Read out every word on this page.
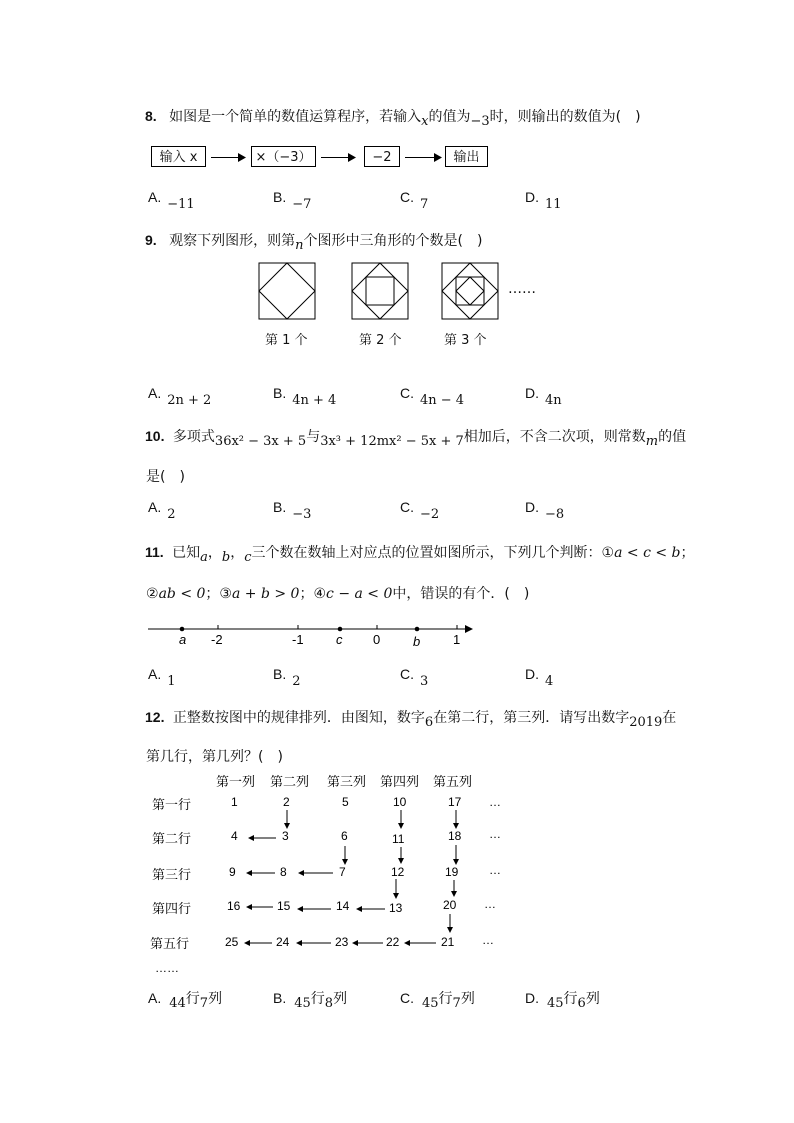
8. 如图是一个简单的数值运算程序，若输入x的值为−3时，则输出的数值为(　)
输入 x	×（−3）	−2	输出
A. −11	B. −7	C. 7	D. 11
9. 观察下列图形，则第n个图形中三角形的个数是(　)
……
第 1 个	第 2 个	第 3 个
A. 2n + 2	B. 4n + 4	C. 4n − 4	D. 4n
10. 多项式36x² − 3x + 5与3x³ + 12mx² − 5x + 7相加后，不含二次项，则常数m的值
是(　)
A. 2	B. −3	C. −2	D. −8
11. 已知a，b，c三个数在数轴上对应点的位置如图所示，下列几个判断：①a < c < b；
②ab < 0；③a + b > 0；④c − a < 0中，错误的有个．(　)
-2	-1	0	1
a	c	b
A. 1	B. 2	C. 3	D. 4
12. 正整数按图中的规律排列．由图知，数字6在第二行，第三列．请写出数字2019在
第几行，第几列？(　)
第一列 第二列 第三列 第四列 第五列
第一行
第二行
第三行
第四行
第五行
1	2	5	10	17 …
4	3	6	11	18 …
9	8	7	12	19	…
16	15	14	13	20 …
25	24	23	22	21 …
……
A. 44行7列	B. 45行8列	C. 45行7列	D. 45行6列
